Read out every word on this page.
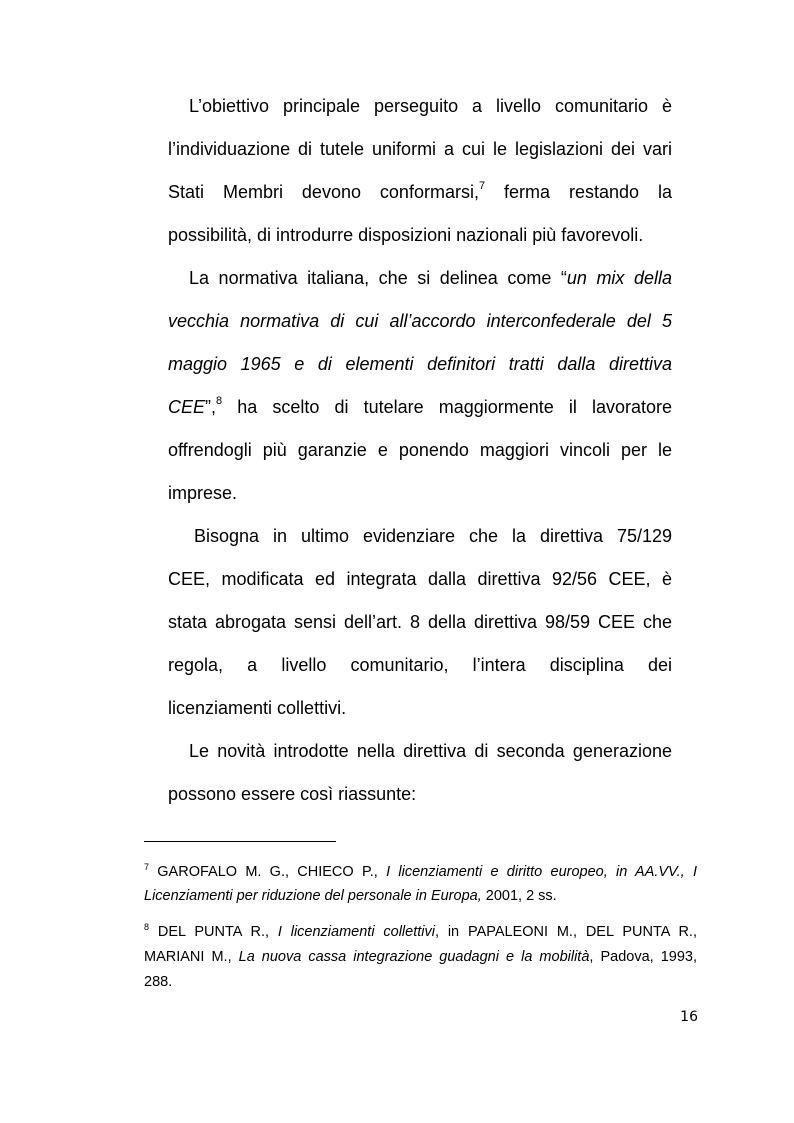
L’obiettivo principale perseguito a livello comunitario è
l’individuazione di tutele uniformi a cui le legislazioni dei vari
Stati Membri devono conformarsi,$^7$ ferma restando la
possibilità, di introdurre disposizioni nazionali più favorevoli.
La normativa italiana, che si delinea come “un mix della
vecchia normativa di cui all’accordo interconfederale del 5
maggio 1965 e di elementi definitori tratti dalla direttiva
CEE”,$^8$ ha scelto di tutelare maggiormente il lavoratore
offrendogli più garanzie e ponendo maggiori vincoli per le
imprese.
Bisogna in ultimo evidenziare che la direttiva 75/129
CEE, modificata ed integrata dalla direttiva 92/56 CEE, è
stata abrogata sensi dell’art. 8 della direttiva 98/59 CEE che
regola, a livello comunitario, l’intera disciplina dei
licenziamenti collettivi.
Le novità introdotte nella direttiva di seconda generazione
possono essere così riassunte:
$^7$ GAROFALO M. G., CHIECO P., I licenziamenti e diritto europeo, in AA.VV., I
Licenziamenti per riduzione del personale in Europa, 2001, 2 ss.
$^8$ DEL PUNTA R., I licenziamenti collettivi, in PAPALEONI M., DEL PUNTA R.,
MARIANI M., La nuova cassa integrazione guadagni e la mobilità, Padova, 1993,
288.
16
